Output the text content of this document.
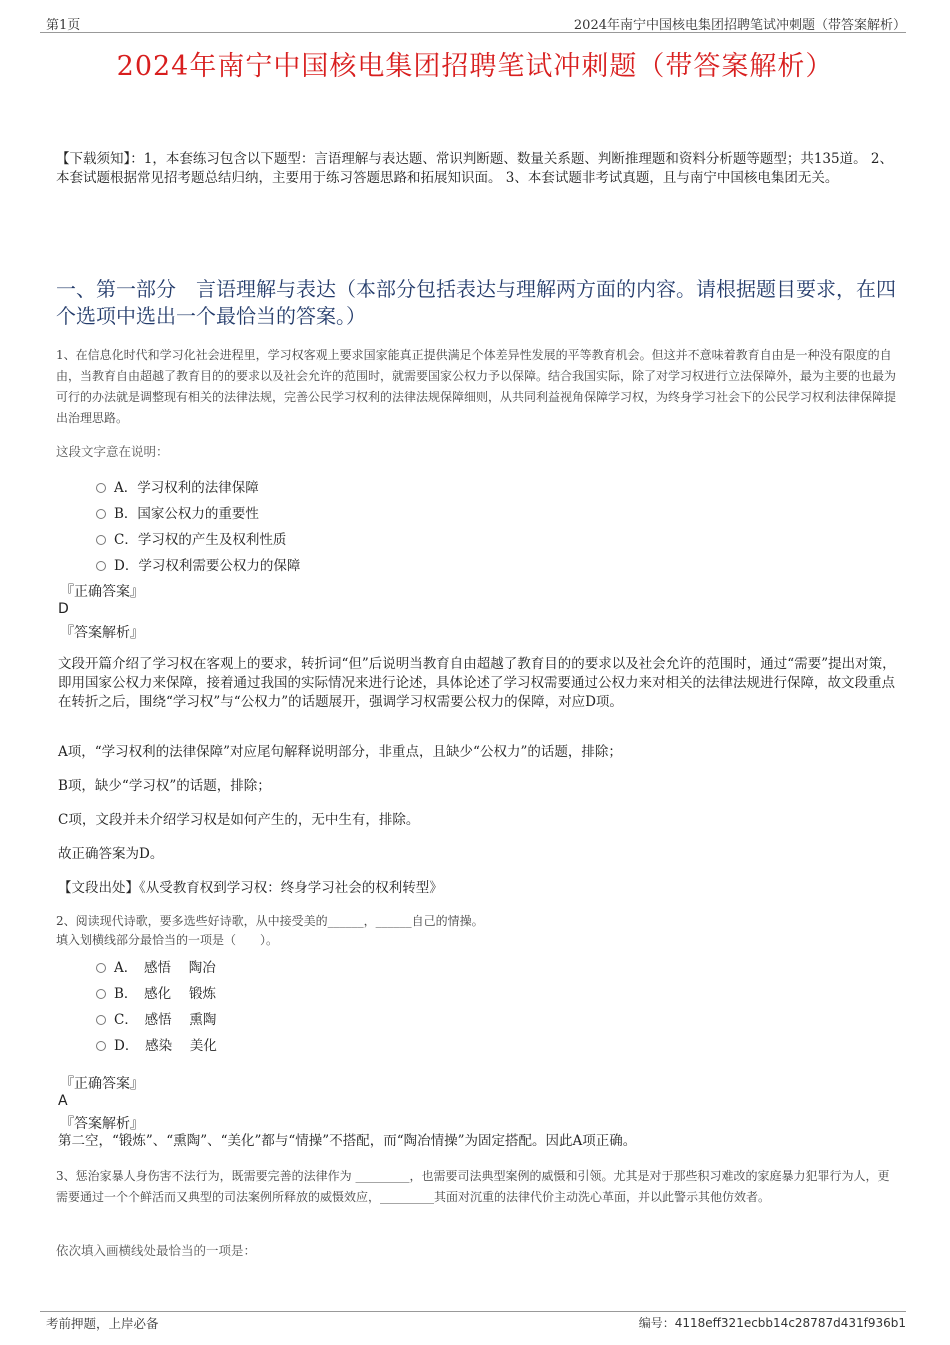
第1页	2024年南宁中国核电集团招聘笔试冲刺题（带答案解析）
2024年南宁中国核电集团招聘笔试冲刺题（带答案解析）
【下载须知】：1，本套练习包含以下题型：言语理解与表达题、常识判断题、数量关系题、判断推理题和资料分析题等题型；共135道。 2、本套试题根据常见招考题总结归纳，主要用于练习答题思路和拓展知识面。 3、本套试题非考试真题，且与南宁中国核电集团无关。
一、第一部分　言语理解与表达（本部分包括表达与理解两方面的内容。请根据题目要求，在四个选项中选出一个最恰当的答案。）
1、在信息化时代和学习化社会进程里，学习权客观上要求国家能真正提供满足个体差异性发展的平等教育机会。但这并不意味着教育自由是一种没有限度的自由，当教育自由超越了教育目的的要求以及社会允许的范围时，就需要国家公权力予以保障。结合我国实际，除了对学习权进行立法保障外，最为主要的也最为可行的办法就是调整现有相关的法律法规，完善公民学习权利的法律法规保障细则，从共同利益视角保障学习权，为终身学习社会下的公民学习权利法律保障提出治理思路。
这段文字意在说明：
A．学习权利的法律保障
B．国家公权力的重要性
C．学习权的产生及权利性质
D．学习权利需要公权力的保障
『正确答案』
D
『答案解析』
文段开篇介绍了学习权在客观上的要求，转折词“但”后说明当教育自由超越了教育目的的要求以及社会允许的范围时，通过“需要”提出对策，即用国家公权力来保障，接着通过我国的实际情况来进行论述，具体论述了学习权需要通过公权力来对相关的法律法规进行保障，故文段重点在转折之后，围绕“学习权”与“公权力”的话题展开，强调学习权需要公权力的保障，对应D项。
A项，“学习权利的法律保障”对应尾句解释说明部分，非重点，且缺少“公权力”的话题，排除；
B项，缺少“学习权”的话题，排除；
C项，文段并未介绍学习权是如何产生的，无中生有，排除。
故正确答案为D。
【文段出处】《从受教育权到学习权：终身学习社会的权利转型》
2、阅读现代诗歌，要多选些好诗歌，从中接受美的______，______自己的情操。
填入划横线部分最恰当的一项是（　　）。
A．　感悟　 陶冶
B．　感化　 锻炼
C．　感悟　 熏陶
D．　感染　 美化
『正确答案』
A
『答案解析』
第二空，“锻炼”、“熏陶”、“美化”都与“情操”不搭配，而“陶冶情操”为固定搭配。因此A项正确。
3、惩治家暴人身伤害不法行为，既需要完善的法律作为 _________，也需要司法典型案例的威慑和引领。尤其是对于那些积习难改的家庭暴力犯罪行为人，更需要通过一个个鲜活而又典型的司法案例所释放的威慑效应，_________其面对沉重的法律代价主动洗心革面，并以此警示其他仿效者。
依次填入画横线处最恰当的一项是：
考前押题，上岸必备	编号：4118eff321ecbb14c28787d431f936b1
